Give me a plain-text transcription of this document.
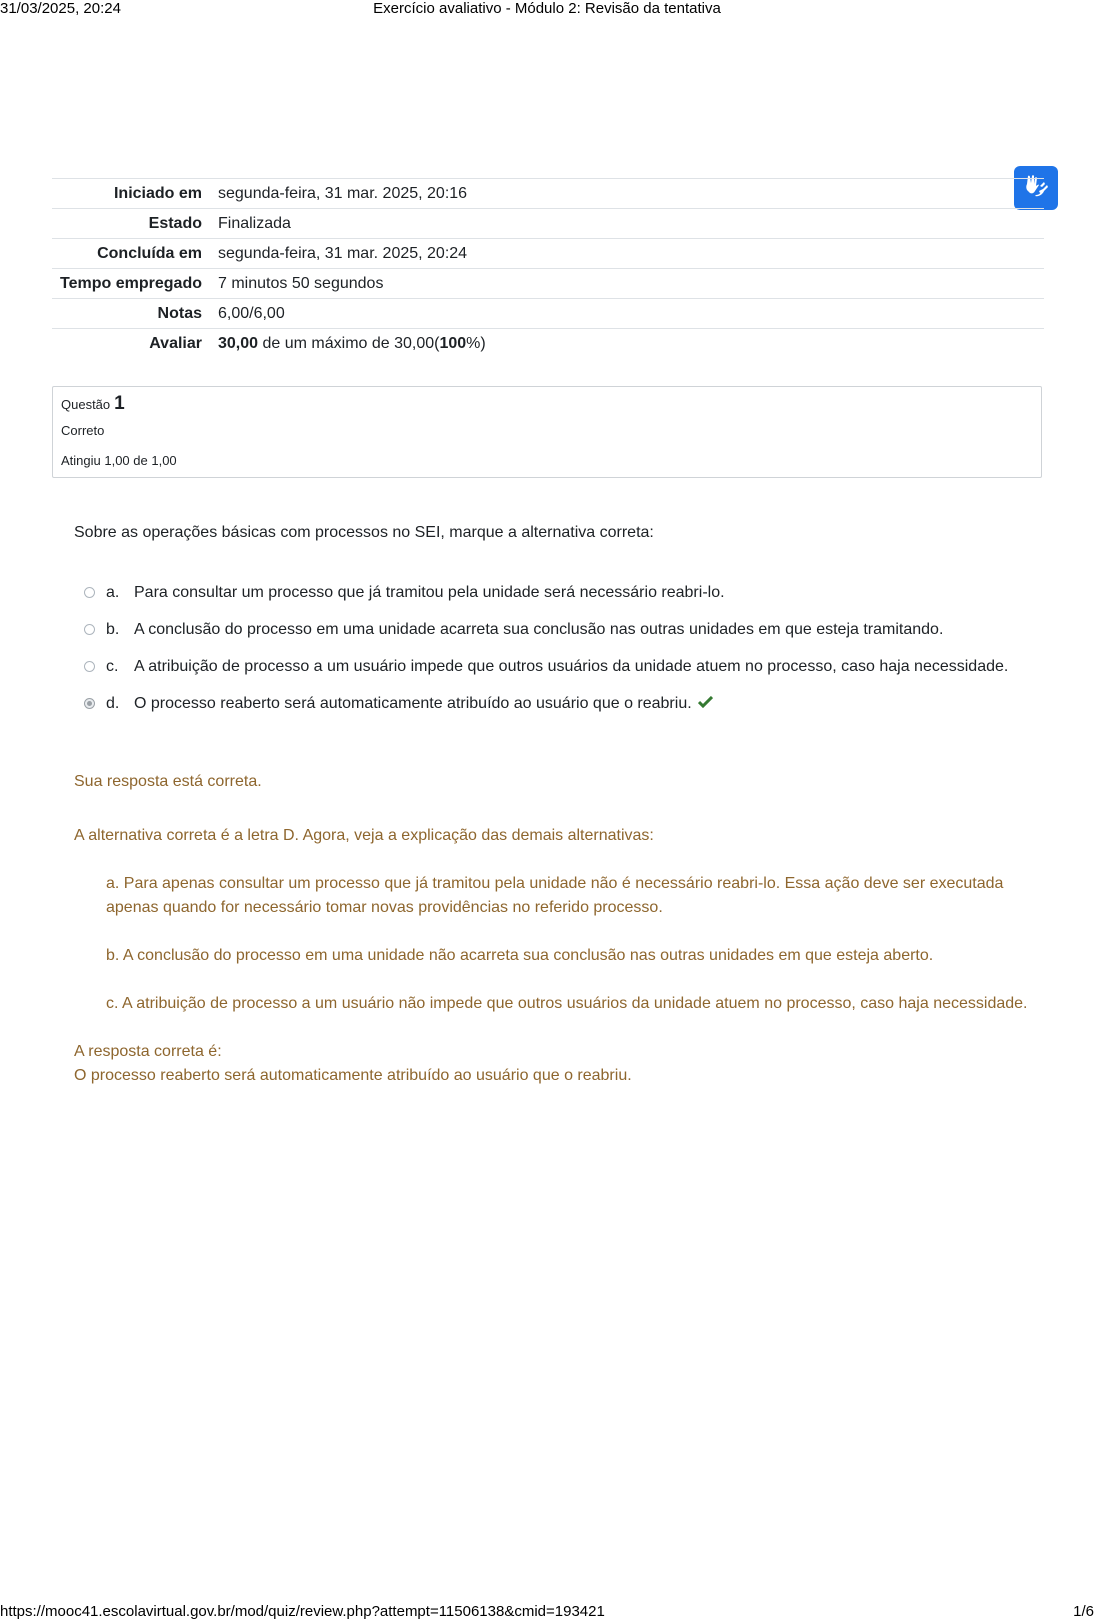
31/03/2025, 20:24	Exercício avaliativo - Módulo 2: Revisão da tentativa
Iniciado em	segunda-feira, 31 mar. 2025, 20:16
Estado	Finalizada
Concluída em	segunda-feira, 31 mar. 2025, 20:24
Tempo empregado	7 minutos 50 segundos
Notas	6,00/6,00
Avaliar	30,00 de um máximo de 30,00(100%)
Questão 1
Correto
Atingiu 1,00 de 1,00
Sobre as operações básicas com processos no SEI, marque a alternativa correta:
a. Para consultar um processo que já tramitou pela unidade será necessário reabri-lo.
b. A conclusão do processo em uma unidade acarreta sua conclusão nas outras unidades em que esteja tramitando.
c. A atribuição de processo a um usuário impede que outros usuários da unidade atuem no processo, caso haja necessidade.
d. O processo reaberto será automaticamente atribuído ao usuário que o reabriu.

Sua resposta está correta.

A alternativa correta é a letra D. Agora, veja a explicação das demais alternativas:

a. Para apenas consultar um processo que já tramitou pela unidade não é necessário reabri-lo. Essa ação deve ser executada apenas quando for necessário tomar novas providências no referido processo.

b. A conclusão do processo em uma unidade não acarreta sua conclusão nas outras unidades em que esteja aberto.

c. A atribuição de processo a um usuário não impede que outros usuários da unidade atuem no processo, caso haja necessidade.

A resposta correta é:

O processo reaberto será automaticamente atribuído ao usuário que o reabriu.

https://mooc41.escolavirtual.gov.br/mod/quiz/review.php?attempt=11506138&cmid=193421	1/6
